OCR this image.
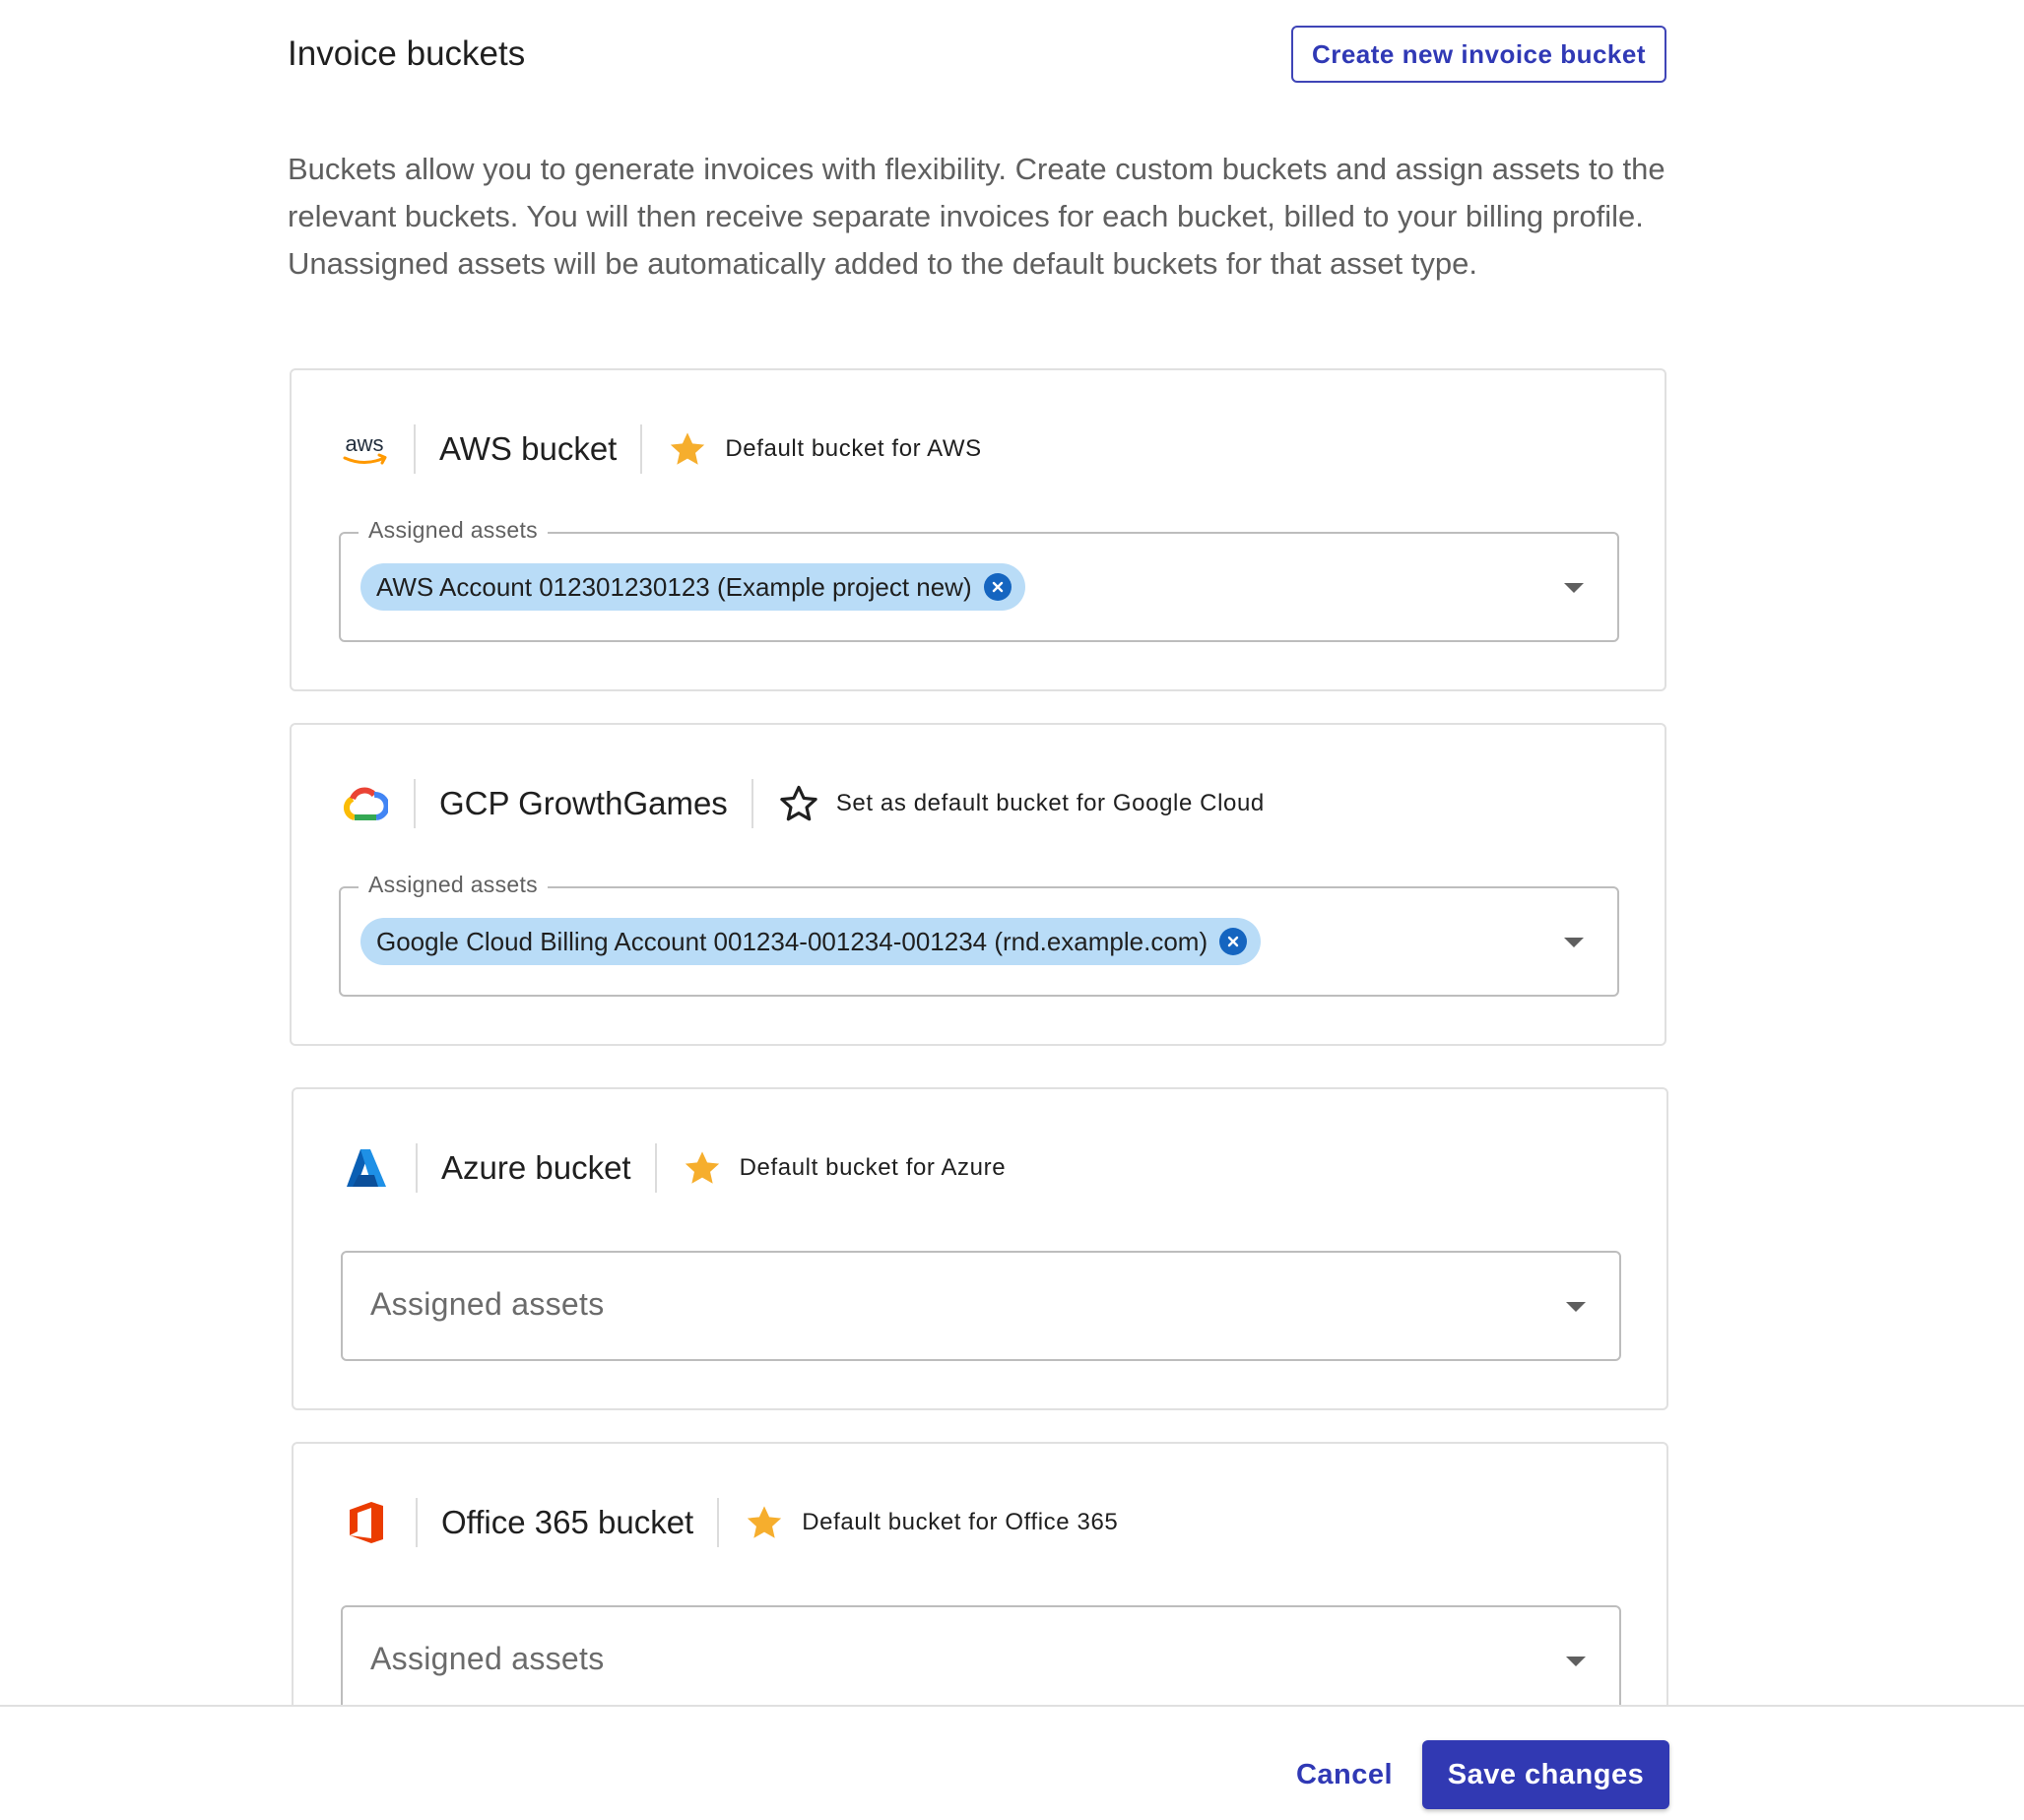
Invoice buckets	Create new invoice bucket

Buckets allow you to generate invoices with flexibility. Create custom buckets and assign assets to the relevant buckets. You will then receive separate invoices for each bucket, billed to your billing profile. Unassigned assets will be automatically added to the default buckets for that asset type.

aws AWS bucket	Default bucket for AWS
Assigned assets
AWS Account 012301230123 (Example project new)
GCP GrowthGames	Set as default bucket for Google Cloud
Assigned assets
Google Cloud Billing Account 001234-001234-001234 (rnd.example.com)
Azure bucket	Default bucket for Azure
Assigned assets
Office 365 bucket	Default bucket for Office 365
Assigned assets
Cancel	Save changes
